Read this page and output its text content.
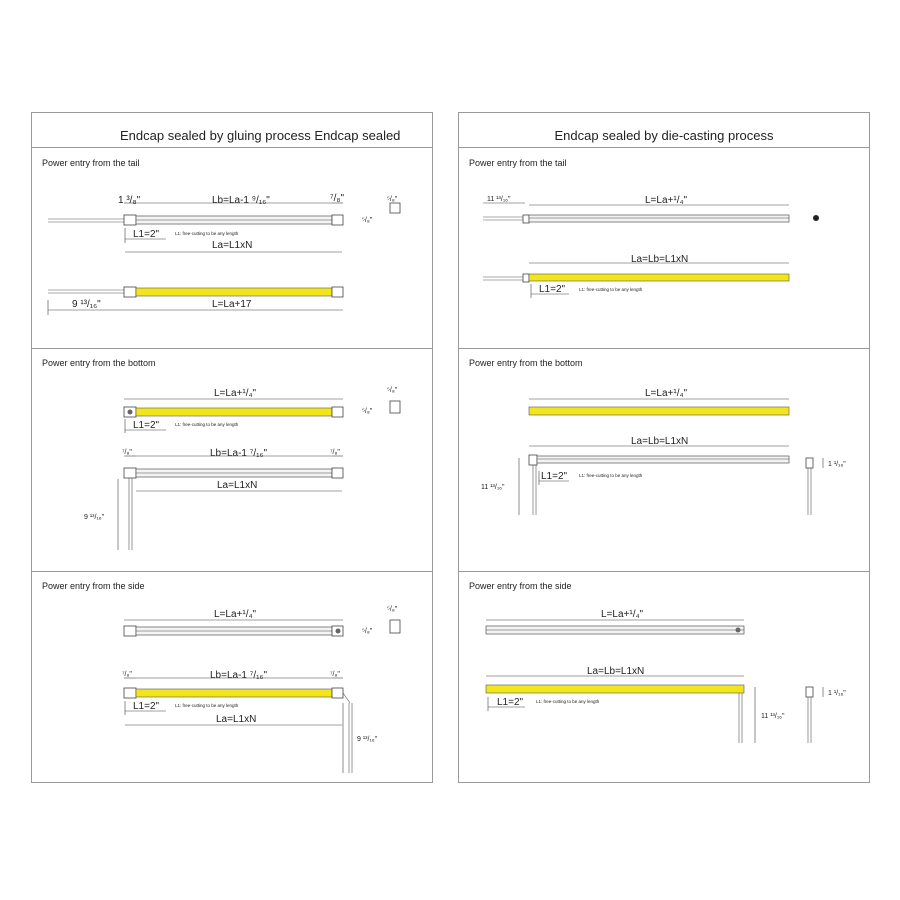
Endcap sealed by gluing process Endcap sealed
Power entry from the tail
Power entry from the bottom
Power entry from the side
1 ³/₈"	Lb=La-1 ⁹/₁₆"	⁷/₈"	⁵/₈"
⁵/₈"
L1=2"	L1: free-cutting to be any length
La=L1xN
9 ¹³/₁₆"	L=La+17
L=La+¹/₄"	⁵/₈"
⁵/₈"
L1=2"	L1: free-cutting to be any length
⁷/₈"	Lb=La-1 ⁷/₁₆"	⁷/₈"
La=L1xN
9 ¹³/₁₆"
L=La+¹/₄"	⁵/₈"
⁵/₈"
⁷/₈"	Lb=La-1 ⁷/₁₆"	⁷/₈"
L1=2"	L1: free-cutting to be any length
La=L1xN
9 ¹³/₁₆"
Endcap sealed by die-casting process
Power entry from the tail
Power entry from the bottom
Power entry from the side
11 ¹³/₁₆"	L=La+¹/₄"
La=Lb=L1xN
L1=2"	L1: free-cutting to be any length
L=La+¹/₄"
La=Lb=L1xN
L1=2"	L1: free-cutting to be any length
11 ¹³/₁₆"
1 ¹/₁₆"
L=La+¹/₄"
La=Lb=L1xN
L1=2"	L1: free-cutting to be any length
11 ¹³/₁₆"
1 ¹/₁₆"
